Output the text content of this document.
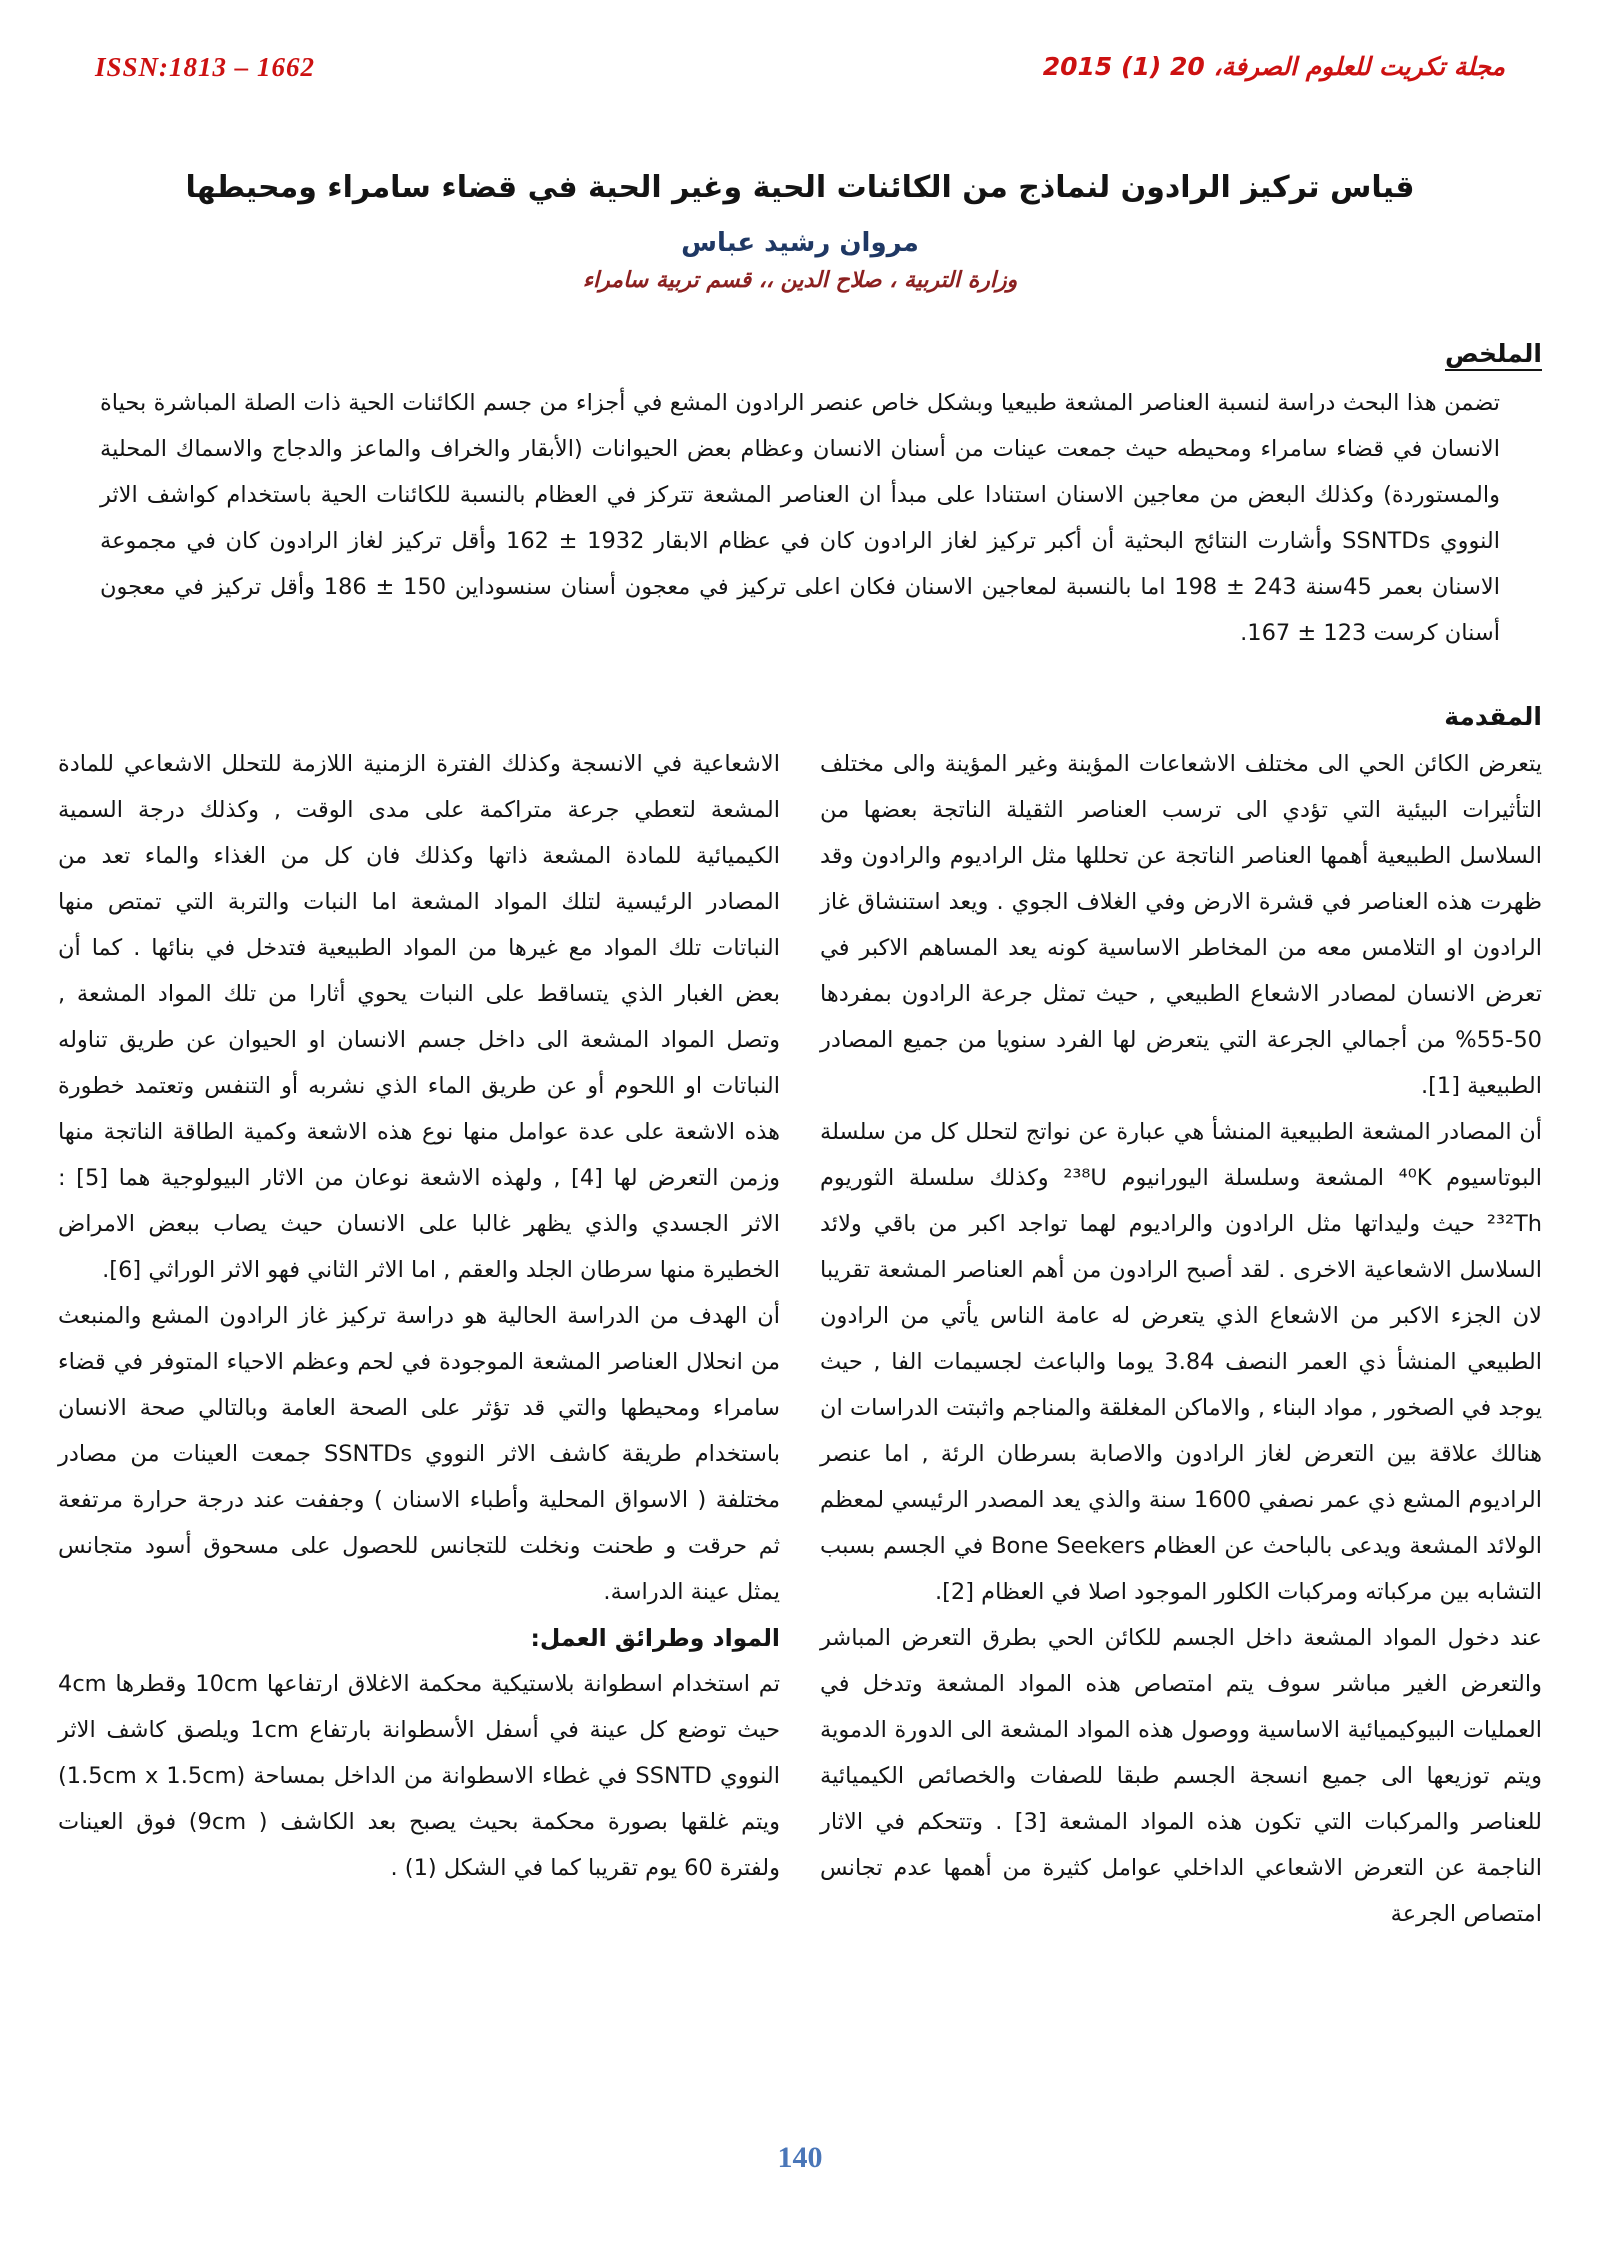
ISSN:1813 – 1662	مجلة تكريت للعلوم الصرفة، 20 (1) 2015
قياس تركيز الرادون لنماذج من الكائنات الحية وغير الحية في قضاء سامراء ومحيطها
مروان رشيد عباس
وزارة التربية ، صلاح الدين ،، قسم تربية سامراء
الملخص
تضمن هذا البحث دراسة لنسبة العناصر المشعة طبيعيا وبشكل خاص عنصر الرادون المشع في أجزاء من جسم الكائنات الحية ذات الصلة المباشرة بحياة الانسان في قضاء سامراء ومحيطه حيث جمعت عينات من أسنان الانسان وعظام بعض الحيوانات (الأبقار والخراف والماعز والدجاج والاسماك المحلية والمستوردة) وكذلك البعض من معاجين الاسنان استنادا على مبدأ ان العناصر المشعة تتركز في العظام بالنسبة للكائنات الحية باستخدام كواشف الاثر النووي SSNTDs وأشارت النتائج البحثية أن أكبر تركيز لغاز الرادون كان في عظام الابقار 1932 ± 162 وأقل تركيز لغاز الرادون كان في مجموعة الاسنان بعمر 45سنة 243 ± 198 اما بالنسبة لمعاجين الاسنان فكان اعلى تركيز في معجون أسنان سنسوداين 150 ± 186 وأقل تركيز في معجون أسنان كرست 123 ± 167.
المقدمة

يتعرض الكائن الحي الى مختلف الاشعاعات المؤينة وغير المؤينة والى مختلف التأثيرات البيئية التي تؤدي الى ترسب العناصر الثقيلة الناتجة بعضها من السلاسل الطبيعية أهمها العناصر الناتجة عن تحللها مثل الراديوم والرادون وقد ظهرت هذه العناصر في قشرة الارض وفي الغلاف الجوي . ويعد استنشاق غاز الرادون او التلامس معه من المخاطر الاساسية كونه يعد المساهم الاكبر في تعرض الانسان لمصادر الاشعاع الطبيعي , حيث تمثل جرعة الرادون بمفردها 50-55% من أجمالي الجرعة التي يتعرض لها الفرد سنويا من جميع المصادر الطبيعية [1].

أن المصادر المشعة الطبيعية المنشأ هي عبارة عن نواتج لتحلل كل من سلسلة البوتاسيوم ⁴⁰K المشعة وسلسلة اليورانيوم ²³⁸U وكذلك سلسلة الثوريوم ²³²Th حيث وليداتها مثل الرادون والراديوم لهما تواجد اكبر من باقي ولائد السلاسل الاشعاعية الاخرى . لقد أصبح الرادون من أهم العناصر المشعة تقريبا لان الجزء الاكبر من الاشعاع الذي يتعرض له عامة الناس يأتي من الرادون الطبيعي المنشأ ذي العمر النصف 3.84 يوما والباعث لجسيمات الفا , حيث يوجد في الصخور , مواد البناء , والاماكن المغلقة والمناجم واثبتت الدراسات ان هنالك علاقة بين التعرض لغاز الرادون والاصابة بسرطان الرئة , اما عنصر الراديوم المشع ذي عمر نصفي 1600 سنة والذي يعد المصدر الرئيسي لمعظم الولائد المشعة ويدعى بالباحث عن العظام Bone Seekers في الجسم بسبب التشابه بين مركباته ومركبات الكلور الموجود اصلا في العظام [2].

عند دخول المواد المشعة داخل الجسم للكائن الحي بطرق التعرض المباشر والتعرض الغير مباشر سوف يتم امتصاص هذه المواد المشعة وتدخل في العمليات البيوكيميائية الاساسية ووصول هذه المواد المشعة الى الدورة الدموية ويتم توزيعها الى جميع انسجة الجسم طبقا للصفات والخصائص الكيميائية للعناصر والمركبات التي تكون هذه المواد المشعة [3] . وتتحكم في الاثار الناجمة عن التعرض الاشعاعي الداخلي عوامل كثيرة من أهمها عدم تجانس امتصاص الجرعة

الاشعاعية في الانسجة وكذلك الفترة الزمنية اللازمة للتحلل الاشعاعي للمادة المشعة لتعطي جرعة متراكمة على مدى الوقت , وكذلك درجة السمية الكيميائية للمادة المشعة ذاتها وكذلك فان كل من الغذاء والماء تعد من المصادر الرئيسية لتلك المواد المشعة اما النبات والتربة التي تمتص منها النباتات تلك المواد مع غيرها من المواد الطبيعية فتدخل في بنائها . كما أن بعض الغبار الذي يتساقط على النبات يحوي أثارا من تلك المواد المشعة , وتصل المواد المشعة الى داخل جسم الانسان او الحيوان عن طريق تناوله النباتات او اللحوم أو عن طريق الماء الذي نشربه أو التنفس وتعتمد خطورة هذه الاشعة على عدة عوامل منها نوع هذه الاشعة وكمية الطاقة الناتجة منها وزمن التعرض لها [4] , ولهذه الاشعة نوعان من الاثار البيولوجية هما [5] : الاثر الجسدي والذي يظهر غالبا على الانسان حيث يصاب ببعض الامراض الخطيرة منها سرطان الجلد والعقم , اما الاثر الثاني فهو الاثر الوراثي [6].

أن الهدف من الدراسة الحالية هو دراسة تركيز غاز الرادون المشع والمنبعث من انحلال العناصر المشعة الموجودة في لحم وعظم الاحياء المتوفر في قضاء سامراء ومحيطها والتي قد تؤثر على الصحة العامة وبالتالي صحة الانسان باستخدام طريقة كاشف الاثر النووي SSNTDs جمعت العينات من مصادر مختلفة ( الاسواق المحلية وأطباء الاسنان ) وجففت عند درجة حرارة مرتفعة ثم حرقت و طحنت ونخلت للتجانس للحصول على مسحوق أسود متجانس يمثل عينة الدراسة.

المواد وطرائق العمل:

تم استخدام اسطوانة بلاستيكية محكمة الاغلاق ارتفاعها 10cm وقطرها 4cm حيث توضع كل عينة في أسفل الأسطوانة بارتفاع 1cm ويلصق كاشف الاثر النووي SSNTD في غطاء الاسطوانة من الداخل بمساحة (1.5cm x 1.5cm) ويتم غلقها بصورة محكمة بحيث يصبح بعد الكاشف ( 9cm) فوق العينات ولفترة 60 يوم تقريبا كما في الشكل (1) .

140
